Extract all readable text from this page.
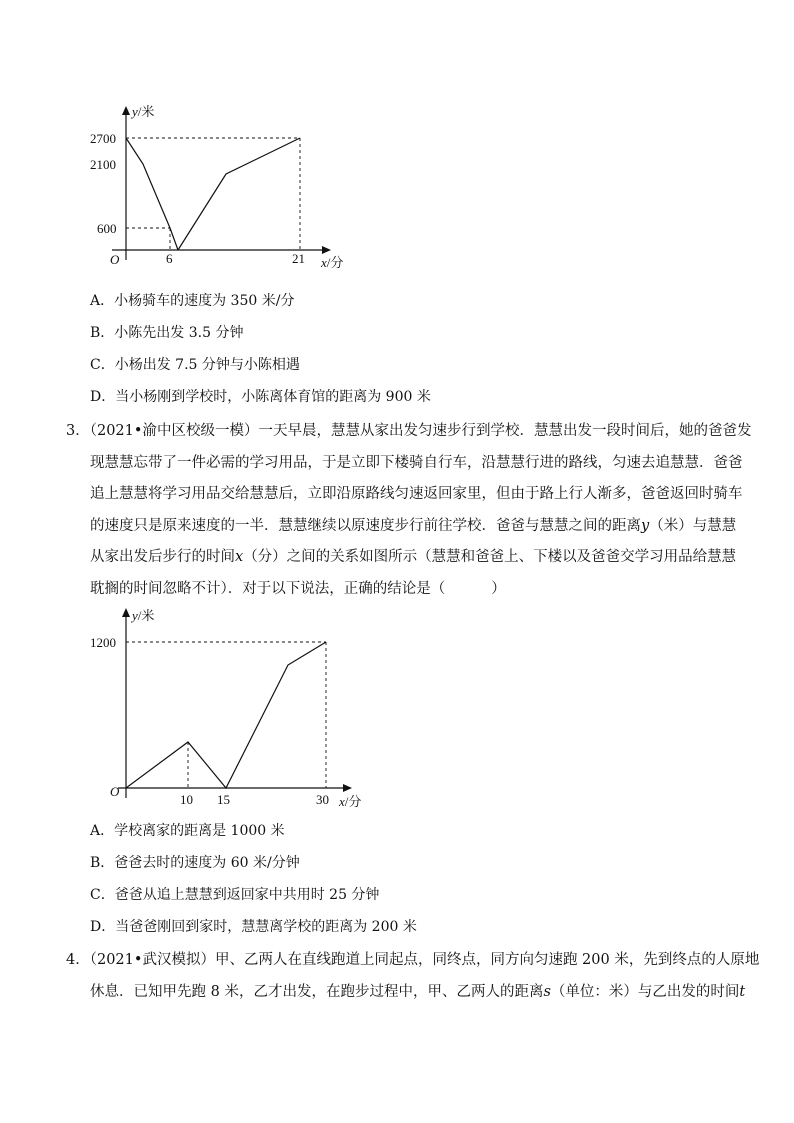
y/米
2700
2100
600
O	6	21 x/分
A．小杨骑车的速度为 350 米/分
B．小陈先出发 3.5 分钟
C．小杨出发 7.5 分钟与小陈相遇
D．当小杨刚到学校时，小陈离体育馆的距离为 900 米

3．（2021•渝中区校级一模）一天早晨，慧慧从家出发匀速步行到学校．慧慧出发一段时间后，她的爸爸发

现慧慧忘带了一件必需的学习用品，于是立即下楼骑自行车，沿慧慧行进的路线，匀速去追慧慧．爸爸

追上慧慧将学习用品交给慧慧后，立即沿原路线匀速返回家里，但由于路上行人渐多，爸爸返回时骑车

的速度只是原来速度的一半．慧慧继续以原速度步行前往学校．爸爸与慧慧之间的距离y（米）与慧慧

从家出发后步行的时间x（分）之间的关系如图所示（慧慧和爸爸上、下楼以及爸爸交学习用品给慧慧

耽搁的时间忽略不计）．对于以下说法，正确的结论是（	）

y/米
1200
O
10 15	30 x/分
A．学校离家的距离是 1000 米
B．爸爸去时的速度为 60 米/分钟
C．爸爸从追上慧慧到返回家中共用时 25 分钟
D．当爸爸刚回到家时，慧慧离学校的距离为 200 米

4．（2021•武汉模拟）甲、乙两人在直线跑道上同起点，同终点，同方向匀速跑 200 米，先到终点的人原地

休息．已知甲先跑 8 米，乙才出发，在跑步过程中，甲、乙两人的距离s（单位：米）与乙出发的时间t
